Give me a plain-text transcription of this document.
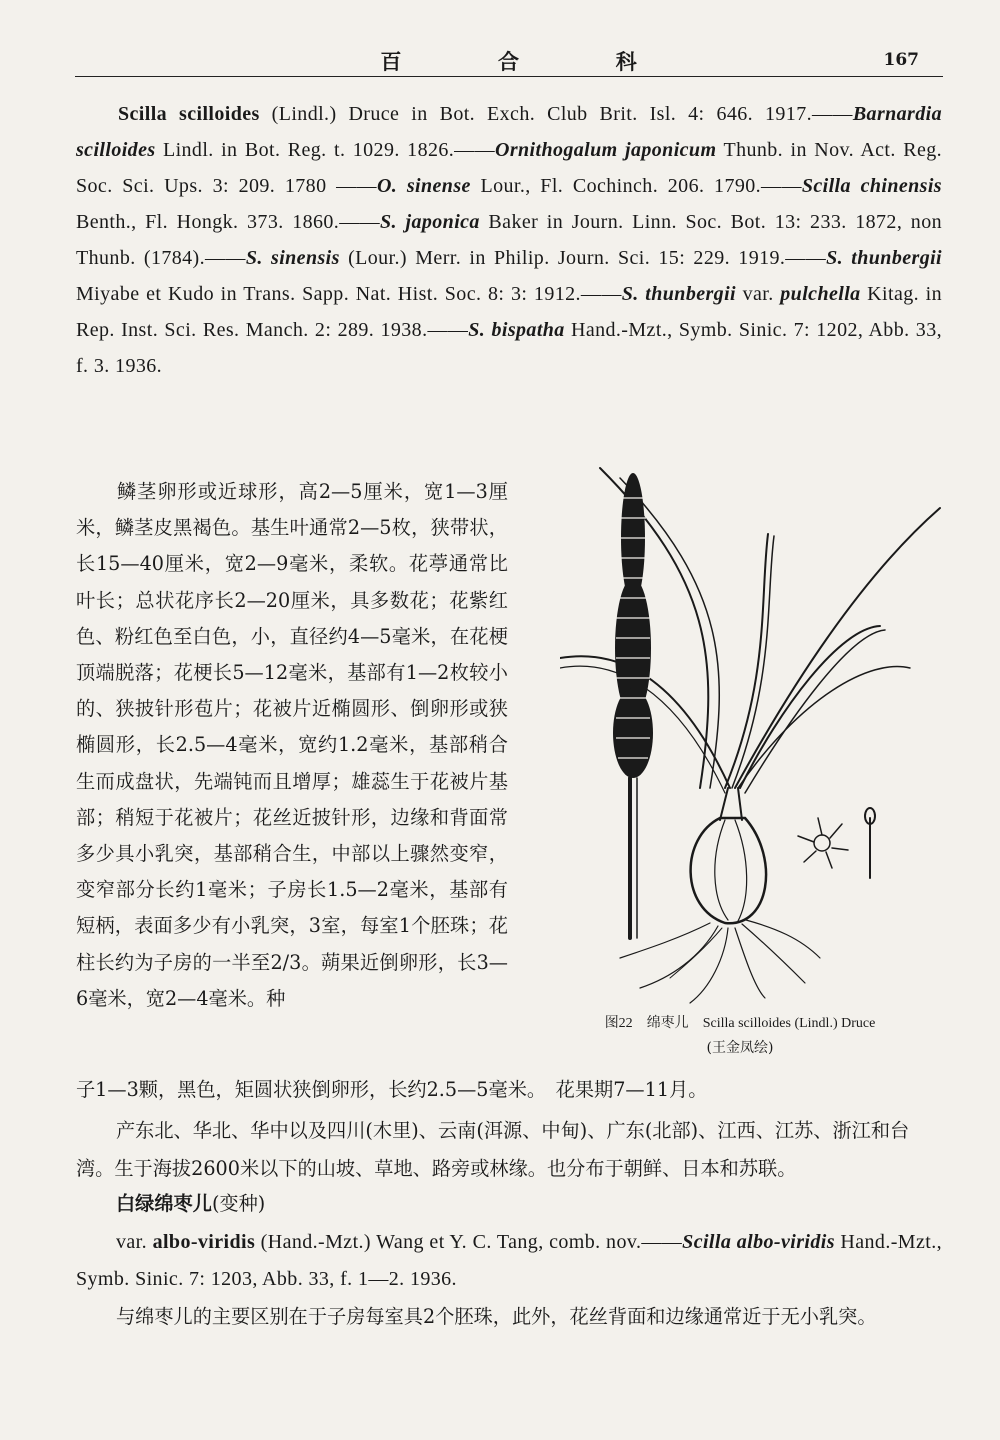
百	合	科	167

Scilla scilloides (Lindl.) Druce in Bot. Exch. Club Brit. Isl. 4: 646. 1917.——Barnardia scilloides Lindl. in Bot. Reg. t. 1029. 1826.——Ornithogalum japonicum Thunb. in Nov. Act. Reg. Soc. Sci. Ups. 3: 209. 1780 ——O. sinense Lour., Fl. Cochinch. 206. 1790.——Scilla chinensis Benth., Fl. Hongk. 373. 1860.——S. japonica Baker in Journ. Linn. Soc. Bot. 13: 233. 1872, non Thunb. (1784).——S. sinensis (Lour.) Merr. in Philip. Journ. Sci. 15: 229. 1919.——S. thunbergii Miyabe et Kudo in Trans. Sapp. Nat. Hist. Soc. 8: 3: 1912.——S. thunbergii var. pulchella Kitag. in Rep. Inst. Sci. Res. Manch. 2: 289. 1938.——S. bispatha Hand.-Mzt., Symb. Sinic. 7: 1202, Abb. 33, f. 3. 1936.

鳞茎卵形或近球形，高2—5厘米，宽1—3厘米，鳞茎皮黑褐色。基生叶通常2—5枚，狭带状，长15—40厘米，宽2—9毫米，柔软。花葶通常比叶长；总状花序长2—20厘米，具多数花；花紫红色、粉红色至白色，小，直径约4—5毫米，在花梗顶端脱落；花梗长5—12毫米，基部有1—2枚较小的、狭披针形苞片；花被片近椭圆形、倒卵形或狭椭圆形，长2.5—4毫米，宽约1.2毫米，基部稍合生而成盘状，先端钝而且增厚；雄蕊生于花被片基部；稍短于花被片；花丝近披针形，边缘和背面常多少具小乳突，基部稍合生，中部以上骤然变窄，变窄部分长约1毫米；子房长1.5—2毫米，基部有短柄，表面多少有小乳突，3室，每室1个胚珠；花柱长约为子房的一半至2/3。蒴果近倒卵形，长3—6毫米，宽2—4毫米。种

图22 绵枣儿 Scilla scilloides (Lindl.) Druce
(王金凤绘)

子1—3颗，黑色，矩圆状狭倒卵形，长约2.5—5毫米。　花果期7—11月。

产东北、华北、华中以及四川(木里)、云南(洱源、中甸)、广东(北部)、江西、江苏、浙江和台湾。生于海拔2600米以下的山坡、草地、路旁或林缘。也分布于朝鲜、日本和苏联。

白绿绵枣儿(变种)

var. albo-viridis (Hand.-Mzt.) Wang et Y. C. Tang, comb. nov.——Scilla albo-viridis Hand.-Mzt., Symb. Sinic. 7: 1203, Abb. 33, f. 1—2. 1936.

与绵枣儿的主要区别在于子房每室具2个胚珠，此外，花丝背面和边缘通常近于无小乳突。
